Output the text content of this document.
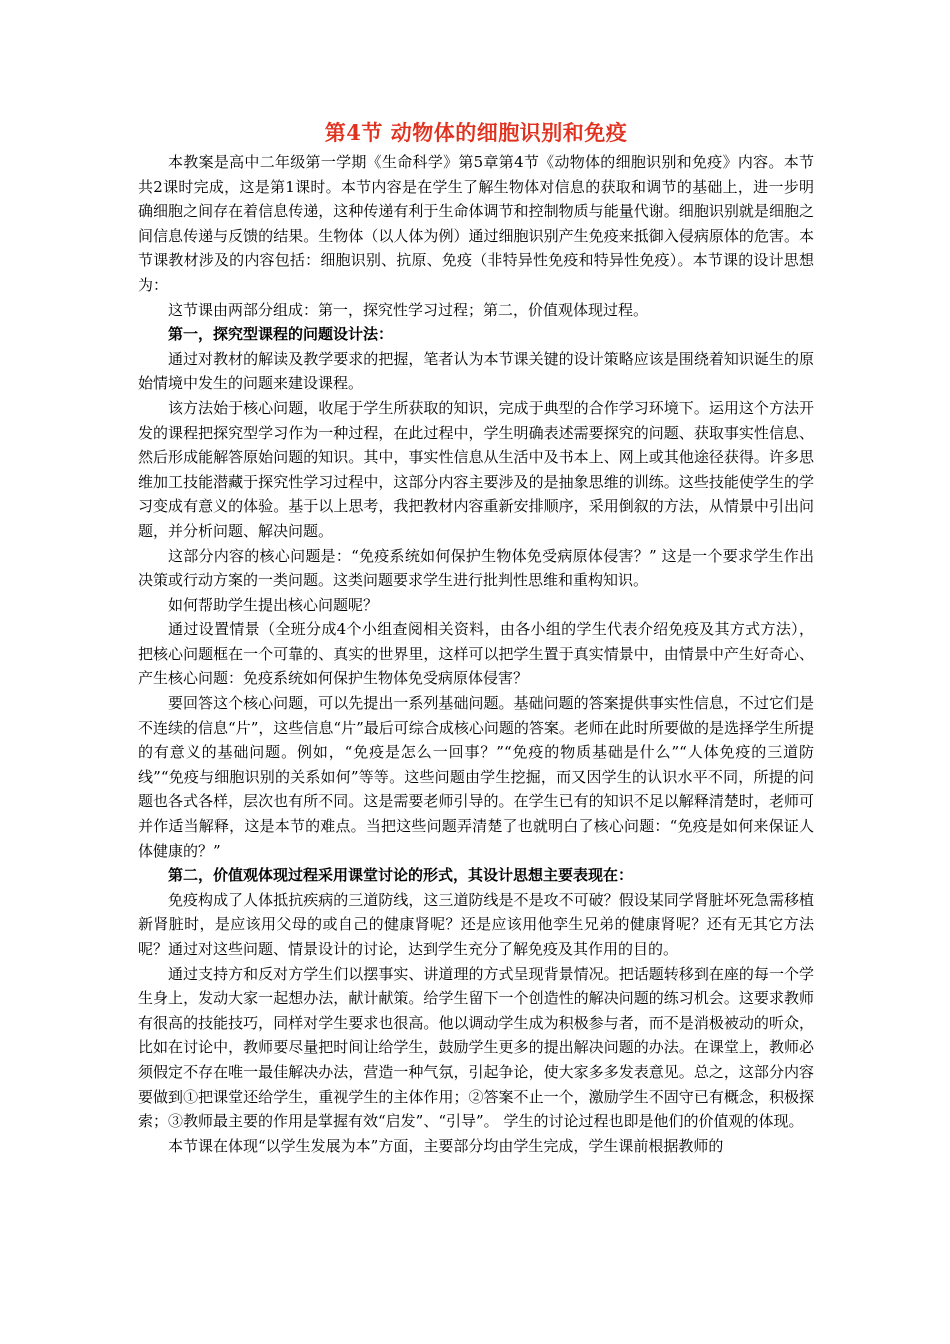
第4节 动物体的细胞识别和免疫

本教案是高中二年级第一学期《生命科学》第5章第4节《动物体的细胞识别和免疫》内容。本节共2课时完成，这是第1课时。本节内容是在学生了解生物体对信息的获取和调节的基础上，进一步明确细胞之间存在着信息传递，这种传递有利于生命体调节和控制物质与能量代谢。细胞识别就是细胞之间信息传递与反馈的结果。生物体（以人体为例）通过细胞识别产生免疫来抵御入侵病原体的危害。本节课教材涉及的内容包括：细胞识别、抗原、免疫（非特异性免疫和特异性免疫）。本节课的设计思想为：

这节课由两部分组成：第一，探究性学习过程；第二，价值观体现过程。

第一，探究型课程的问题设计法：

通过对教材的解读及教学要求的把握，笔者认为本节课关键的设计策略应该是围绕着知识诞生的原始情境中发生的问题来建设课程。

该方法始于核心问题，收尾于学生所获取的知识，完成于典型的合作学习环境下。运用这个方法开发的课程把探究型学习作为一种过程，在此过程中，学生明确表述需要探究的问题、获取事实性信息、然后形成能解答原始问题的知识。其中，事实性信息从生活中及书本上、网上或其他途径获得。许多思维加工技能潜藏于探究性学习过程中，这部分内容主要涉及的是抽象思维的训练。这些技能使学生的学习变成有意义的体验。基于以上思考，我把教材内容重新安排顺序，采用倒叙的方法，从情景中引出问题，并分析问题、解决问题。

这部分内容的核心问题是：“免疫系统如何保护生物体免受病原体侵害？” 这是一个要求学生作出决策或行动方案的一类问题。这类问题要求学生进行批判性思维和重构知识。

如何帮助学生提出核心问题呢？

通过设置情景（全班分成4个小组查阅相关资料，由各小组的学生代表介绍免疫及其方式方法），把核心问题框在一个可靠的、真实的世界里，这样可以把学生置于真实情景中，由情景中产生好奇心、产生核心问题：免疫系统如何保护生物体免受病原体侵害？

要回答这个核心问题，可以先提出一系列基础问题。基础问题的答案提供事实性信息，不过它们是不连续的信息“片”，这些信息“片”最后可综合成核心问题的答案。老师在此时所要做的是选择学生所提的有意义的基础问题。例如，“免疫是怎么一回事？”“免疫的物质基础是什么”“人体免疫的三道防线”“免疫与细胞识别的关系如何”等等。这些问题由学生挖掘，而又因学生的认识水平不同，所提的问题也各式各样，层次也有所不同。这是需要老师引导的。在学生已有的知识不足以解释清楚时，老师可并作适当解释，这是本节的难点。当把这些问题弄清楚了也就明白了核心问题：“免疫是如何来保证人体健康的？”

第二，价值观体现过程采用课堂讨论的形式，其设计思想主要表现在：

免疫构成了人体抵抗疾病的三道防线，这三道防线是不是攻不可破？假设某同学肾脏坏死急需移植新肾脏时，是应该用父母的或自己的健康肾呢？还是应该用他孪生兄弟的健康肾呢？还有无其它方法呢？通过对这些问题、情景设计的讨论，达到学生充分了解免疫及其作用的目的。

通过支持方和反对方学生们以摆事实、讲道理的方式呈现背景情况。把话题转移到在座的每一个学生身上，发动大家一起想办法，献计献策。给学生留下一个创造性的解决问题的练习机会。这要求教师有很高的技能技巧，同样对学生要求也很高。他以调动学生成为积极参与者，而不是消极被动的听众，比如在讨论中，教师要尽量把时间让给学生，鼓励学生更多的提出解决问题的办法。在课堂上，教师必须假定不存在唯一最佳解决办法，营造一种气氛，引起争论，使大家多多发表意见。总之，这部分内容要做到①把课堂还给学生，重视学生的主体作用；②答案不止一个，激励学生不固守已有概念，积极探索；③教师最主要的作用是掌握有效“启发”、“引导”。 学生的讨论过程也即是他们的价值观的体现。

本节课在体现“以学生发展为本”方面，主要部分均由学生完成，学生课前根据教师的
